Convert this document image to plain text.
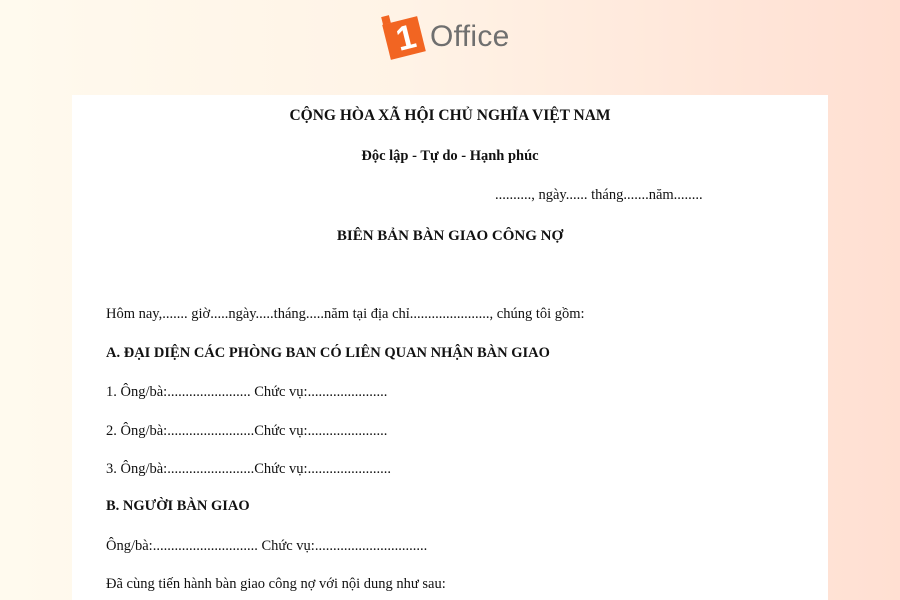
1 Office
CỘNG HÒA XÃ HỘI CHỦ NGHĨA VIỆT NAM
Độc lập - Tự do - Hạnh phúc
.........., ngày...... tháng.......năm........
BIÊN BẢN BÀN GIAO CÔNG NỢ
Hôm nay,....... giờ.....ngày.....tháng.....năm tại địa chỉ......................, chúng tôi gồm:
A. ĐẠI DIỆN CÁC PHÒNG BAN CÓ LIÊN QUAN NHẬN BÀN GIAO
1. Ông/bà:....................... Chức vụ:......................
2. Ông/bà:........................Chức vụ:......................
3. Ông/bà:........................Chức vụ:.......................
B. NGƯỜI BÀN GIAO
Ông/bà:............................. Chức vụ:...............................
Đã cùng tiến hành bàn giao công nợ với nội dung như sau:
